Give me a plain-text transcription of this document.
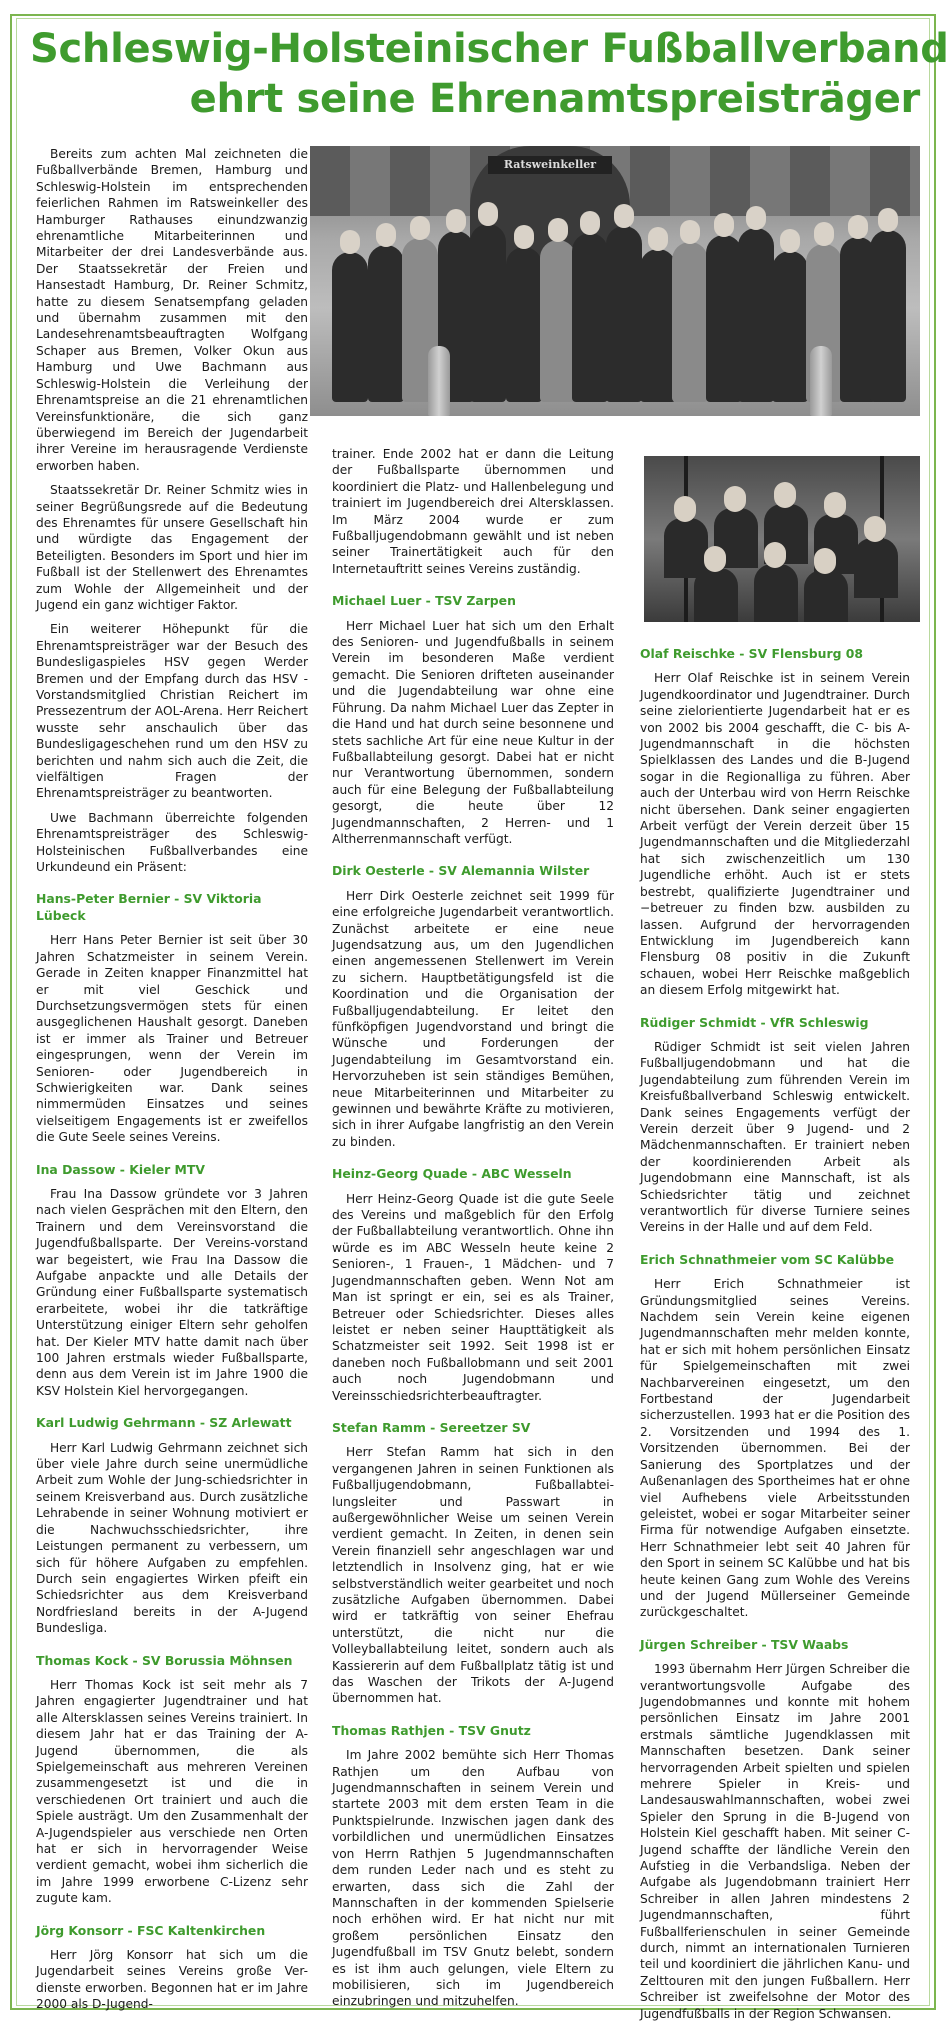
Schleswig-Holsteinischer Fußballverband
ehrt seine Ehrenamtspreisträger
Ratsweinkeller

Bereits zum achten Mal zeichneten die Fußballverbände Bremen, Hamburg und Schleswig-Holstein im entsprechenden feierlichen Rahmen im Ratsweinkeller des Hamburger Rathauses einundzwanzig ehrenamtliche Mitarbeiterinnen und Mitarbeiter der drei Landesverbände aus. Der Staatssekretär der Freien und Hansestadt Hamburg, Dr. Reiner Schmitz, hatte zu diesem Senatsempfang geladen und übernahm zusammen mit den Landesehrenamtsbeauftragten Wolfgang Schaper aus Bremen, Volker Okun aus Hamburg und Uwe Bachmann aus Schleswig-Holstein die Verleihung der Ehrenamtspreise an die 21 ehrenamtlichen Vereinsfunktionäre, die sich ganz überwiegend im Bereich der Jugendarbeit ihrer Vereine im herausragende Verdienste erworben haben.

Staatssekretär Dr. Reiner Schmitz wies in seiner Begrüßungsrede auf die Bedeutung des Ehrenamtes für unsere Gesellschaft hin und würdigte das Engagement der Beteiligten. Besonders im Sport und hier im Fußball ist der Stellenwert des Ehrenamtes zum Wohle der Allgemeinheit und der Jugend ein ganz wichtiger Faktor.

Ein weiterer Höhepunkt für die Ehrenamtspreisträger war der Besuch des Bundesligaspieles HSV gegen Werder Bremen und der Empfang durch das HSV - Vorstandsmitglied Christian Reichert im Pressezentrum der AOL-Arena. Herr Reichert wusste sehr anschaulich über das Bundesligageschehen rund um den HSV zu berichten und nahm sich auch die Zeit, die vielfältigen Fragen der Ehrenamtspreisträger zu beantworten.

Uwe Bachmann überreichte folgenden Ehrenamtspreisträger des Schleswig-Holsteinischen Fußballverbandes eine Urkundeund ein Präsent:

Hans-Peter Bernier - SV Viktoria Lübeck

Herr Hans Peter Bernier ist seit über 30 Jahren Schatzmeister in seinem Verein. Gerade in Zeiten knapper Finanzmittel hat er mit viel Geschick und Durchsetzungsvermögen stets für einen ausgeglichenen Haushalt gesorgt. Daneben ist er immer als Trainer und Betreuer eingesprungen, wenn der Verein im Senioren- oder Jugendbereich in Schwierigkeiten war. Dank seines nimmermüden Einsatzes und seines vielseitigem Engagements ist er zweifellos die Gute Seele seines Vereins.

Ina Dassow - Kieler MTV

Frau Ina Dassow gründete vor 3 Jahren nach vielen Gesprächen mit den Eltern, den Trainern und dem Vereinsvorstand die Jugendfußballsparte. Der Vereins-vorstand war begeistert, wie Frau Ina Dassow die Aufgabe anpackte und alle Details der Gründung einer Fußballsparte systematisch erarbeitete, wobei ihr die tatkräftige Unterstützung einiger Eltern sehr geholfen hat. Der Kieler MTV hatte damit nach über 100 Jahren erstmals wieder Fußballsparte, denn aus dem Verein ist im Jahre 1900 die KSV Holstein Kiel hervorgegangen.

Karl Ludwig Gehrmann - SZ Arlewatt

Herr Karl Ludwig Gehrmann zeichnet sich über viele Jahre durch seine unermüdliche Arbeit zum Wohle der Jung-schiedsrichter in seinem Kreisverband aus. Durch zusätzliche Lehrabende in seiner Wohnung motiviert er die Nachwuchsschiedsrichter, ihre Leistungen permanent zu verbessern, um sich für höhere Aufgaben zu empfehlen. Durch sein engagiertes Wirken pfeift ein Schiedsrichter aus dem Kreisverband Nordfriesland bereits in der A-Jugend Bundesliga.

Thomas Kock - SV Borussia Möhnsen

Herr Thomas Kock ist seit mehr als 7 Jahren engagierter Jugendtrainer und hat alle Altersklassen seines Vereins trainiert. In diesem Jahr hat er das Training der A-Jugend übernommen, die als Spielgemeinschaft aus mehreren Vereinen zusammengesetzt ist und die in verschiedenen Ort trainiert und auch die Spiele austrägt. Um den Zusammenhalt der A-Jugendspieler aus verschiede nen Orten hat er sich in hervorragender Weise verdient gemacht, wobei ihm sicherlich die im Jahre 1999 erworbene C-Lizenz sehr zugute kam.

Jörg Konsorr - FSC Kaltenkirchen

Herr Jörg Konsorr hat sich um die Jugendarbeit seines Vereins große Ver-dienste erworben. Begonnen hat er im Jahre 2000 als D-Jugend-

trainer. Ende 2002 hat er dann die Leitung der Fußballsparte übernommen und koordiniert die Platz- und Hallenbelegung und trainiert im Jugendbereich drei Altersklassen. Im März 2004 wurde er zum Fußballjugendobmann gewählt und ist neben seiner Trainertätigkeit auch für den Internetauftritt seines Vereins zuständig.

Michael Luer - TSV Zarpen

Herr Michael Luer hat sich um den Erhalt des Senioren- und Jugendfußballs in seinem Verein im besonderen Maße verdient gemacht. Die Senioren drifteten auseinander und die Jugendabteilung war ohne eine Führung. Da nahm Michael Luer das Zepter in die Hand und hat durch seine besonnene und stets sachliche Art für eine neue Kultur in der Fußballabteilung gesorgt. Dabei hat er nicht nur Verantwortung übernommen, sondern auch für eine Belegung der Fußballabteilung gesorgt, die heute über 12 Jugendmannschaften, 2 Herren- und 1 Altherrenmannschaft verfügt.

Dirk Oesterle - SV Alemannia Wilster

Herr Dirk Oesterle zeichnet seit 1999 für eine erfolgreiche Jugendarbeit verantwortlich. Zunächst arbeitete er eine neue Jugendsatzung aus, um den Jugendlichen einen angemessenen Stellenwert im Verein zu sichern. Hauptbetätigungsfeld ist die Koordination und die Organisation der Fußballjugendabteilung. Er leitet den fünfköpfigen Jugendvorstand und bringt die Wünsche und Forderungen der Jugendabteilung im Gesamtvorstand ein. Hervorzuheben ist sein ständiges Bemühen, neue Mitarbeiterinnen und Mitarbeiter zu gewinnen und bewährte Kräfte zu motivieren, sich in ihrer Aufgabe langfristig an den Verein zu binden.

Heinz-Georg Quade - ABC Wesseln

Herr Heinz-Georg Quade ist die gute Seele des Vereins und maßgeblich für den Erfolg der Fußballabteilung verantwortlich. Ohne ihn würde es im ABC Wesseln heute keine 2 Senioren-, 1 Frauen-, 1 Mädchen- und 7 Jugendmannschaften geben. Wenn Not am Man ist springt er ein, sei es als Trainer, Betreuer oder Schiedsrichter. Dieses alles leistet er neben seiner Haupttätigkeit als Schatzmeister seit 1992. Seit 1998 ist er daneben noch Fußballobmann und seit 2001 auch noch Jugendobmann und Vereinsschiedsrichterbeauftragter.

Stefan Ramm - Sereetzer SV

Herr Stefan Ramm hat sich in den vergangenen Jahren in seinen Funktionen als Fußballjugendobmann, Fußballabtei-lungsleiter und Passwart in außergewöhnlicher Weise um seinen Verein verdient gemacht. In Zeiten, in denen sein Verein finanziell sehr angeschlagen war und letztendlich in Insolvenz ging, hat er wie selbstverständlich weiter gearbeitet und noch zusätzliche Aufgaben übernommen. Dabei wird er tatkräftig von seiner Ehefrau unterstützt, die nicht nur die Volleyballabteilung leitet, sondern auch als Kassiererin auf dem Fußballplatz tätig ist und das Waschen der Trikots der A-Jugend übernommen hat.

Thomas Rathjen - TSV Gnutz

Im Jahre 2002 bemühte sich Herr Thomas Rathjen um den Aufbau von Jugendmannschaften in seinem Verein und startete 2003 mit dem ersten Team in die Punktspielrunde. Inzwischen jagen dank des vorbildlichen und unermüdlichen Einsatzes von Herrn Rathjen 5 Jugendmannschaften dem runden Leder nach und es steht zu erwarten, dass sich die Zahl der Mannschaften in der kommenden Spielserie noch erhöhen wird. Er hat nicht nur mit großem persönlichen Einsatz den Jugendfußball im TSV Gnutz belebt, sondern es ist ihm auch gelungen, viele Eltern zu mobilisieren, sich im Jugendbereich einzubringen und mitzuhelfen.

Olaf Reischke - SV Flensburg 08

Herr Olaf Reischke ist in seinem Verein Jugendkoordinator und Jugendtrainer. Durch seine zielorientierte Jugendarbeit hat er es von 2002 bis 2004 geschafft, die C- bis A-Jugendmannschaft in die höchsten Spielklassen des Landes und die B-Jugend sogar in die Regionalliga zu führen. Aber auch der Unterbau wird von Herrn Reischke nicht übersehen. Dank seiner engagierten Arbeit verfügt der Verein derzeit über 15 Jugendmannschaften und die Mitgliederzahl hat sich zwischenzeitlich um 130 Jugendliche erhöht. Auch ist er stets bestrebt, qualifizierte Jugendtrainer und −betreuer zu finden bzw. ausbilden zu lassen. Aufgrund der hervorragenden Entwicklung im Jugendbereich kann Flensburg 08 positiv in die Zukunft schauen, wobei Herr Reischke maßgeblich an diesem Erfolg mitgewirkt hat.

Rüdiger Schmidt - VfR Schleswig

Rüdiger Schmidt ist seit vielen Jahren Fußballjugendobmann und hat die Jugendabteilung zum führenden Verein im Kreisfußballverband Schleswig entwickelt. Dank seines Engagements verfügt der Verein derzeit über 9 Jugend- und 2 Mädchenmannschaften. Er trainiert neben der koordinierenden Arbeit als Jugendobmann eine Mannschaft, ist als Schiedsrichter tätig und zeichnet verantwortlich für diverse Turniere seines Vereins in der Halle und auf dem Feld.

Erich Schnathmeier vom SC Kalübbe

Herr Erich Schnathmeier ist Gründungsmitglied seines Vereins. Nachdem sein Verein keine eigenen Jugendmannschaften mehr melden konnte, hat er sich mit hohem persönlichen Einsatz für Spielgemeinschaften mit zwei Nachbarvereinen eingesetzt, um den Fortbestand der Jugendarbeit sicherzustellen. 1993 hat er die Position des 2. Vorsitzenden und 1994 des 1. Vorsitzenden übernommen. Bei der Sanierung des Sportplatzes und der Außenanlagen des Sportheimes hat er ohne viel Aufhebens viele Arbeitsstunden geleistet, wobei er sogar Mitarbeiter seiner Firma für notwendige Aufgaben einsetzte. Herr Schnathmeier lebt seit 40 Jahren für den Sport in seinem SC Kalübbe und hat bis heute keinen Gang zum Wohle des Vereins und der Jugend Müllerseiner Gemeinde zurückgeschaltet.

Jürgen Schreiber - TSV Waabs

1993 übernahm Herr Jürgen Schreiber die verantwortungsvolle Aufgabe des Jugendobmannes und konnte mit hohem persönlichen Einsatz im Jahre 2001 erstmals sämtliche Jugendklassen mit Mannschaften besetzen. Dank seiner hervorragenden Arbeit spielten und spielen mehrere Spieler in Kreis- und Landesauswahlmannschaften, wobei zwei Spieler den Sprung in die B-Jugend von Holstein Kiel geschafft haben. Mit seiner C-Jugend schaffte der ländliche Verein den Aufstieg in die Verbandsliga. Neben der Aufgabe als Jugendobmann trainiert Herr Schreiber in allen Jahren mindestens 2 Jugendmannschaften, führt Fußballferienschulen in seiner Gemeinde durch, nimmt an internationalen Turnieren teil und koordiniert die jährlichen Kanu- und Zelttouren mit den jungen Fußballern. Herr Schreiber ist zweifelsohne der Motor des Jugendfußballs in der Region Schwansen.
